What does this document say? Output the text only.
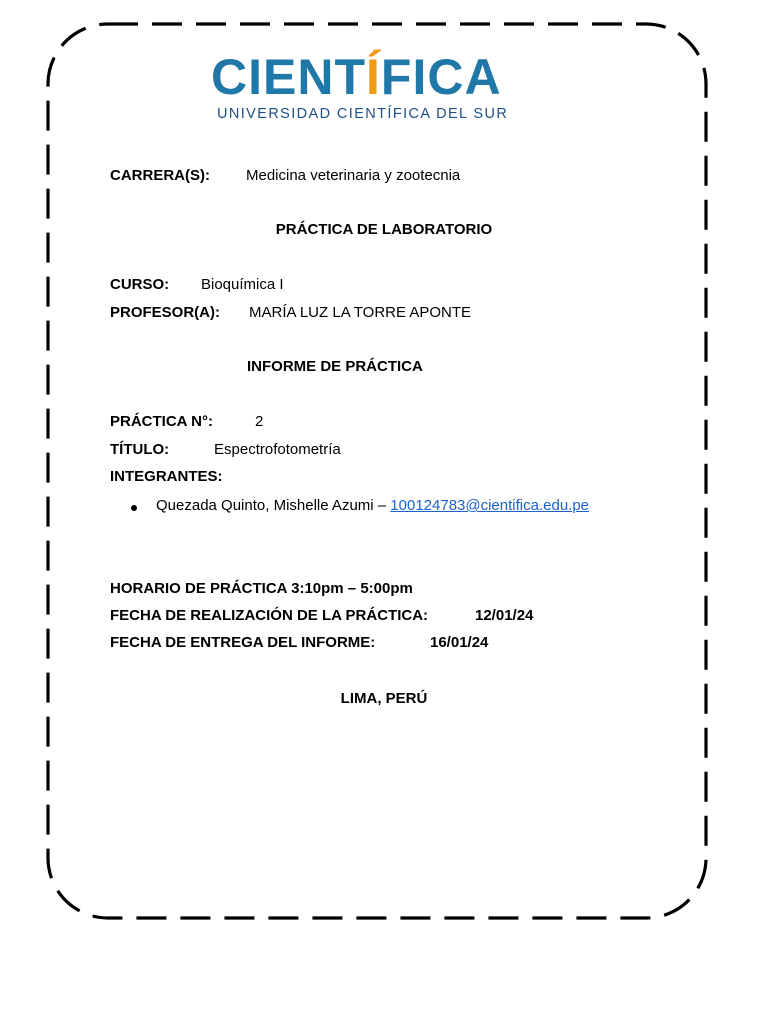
CIENTÍFICA
UNIVERSIDAD CIENTÍFICA DEL SUR
CARRERA(S): Medicina veterinaria y zootecnia
PRÁCTICA DE LABORATORIO
CURSO: Bioquímica I
PROFESOR(A): MARÍA LUZ LA TORRE APONTE
INFORME DE PRÁCTICA
PRÁCTICA N°:	2
TÍTULO:	Espectrofotometría
INTEGRANTES:
Quezada Quinto, Mishelle Azumi – 100124783@cientifica.edu.pe
HORARIO DE PRÁCTICA 3:10pm – 5:00pm
FECHA DE REALIZACIÓN DE LA PRÁCTICA:	12/01/24
FECHA DE ENTREGA DEL INFORME:	16/01/24
LIMA, PERÚ
